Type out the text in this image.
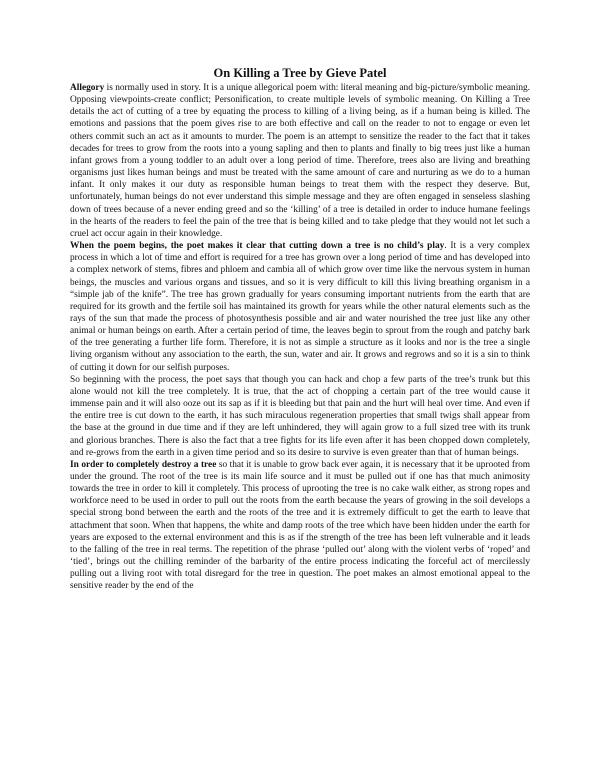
On Killing a Tree by Gieve Patel

Allegory is normally used in story. It is a unique allegorical poem with: literal meaning and big-picture/symbolic meaning. Opposing viewpoints-create conflict; Personification, to create multiple levels of symbolic meaning. On Killing a Tree details the act of cutting of a tree by equating the process to killing of a living being, as if a human being is killed. The emotions and passions that the poem gives rise to are both effective and call on the reader to not to engage or even let others commit such an act as it amounts to murder. The poem is an attempt to sensitize the reader to the fact that it takes decades for trees to grow from the roots into a young sapling and then to plants and finally to big trees just like a human infant grows from a young toddler to an adult over a long period of time. Therefore, trees also are living and breathing organisms just likes human beings and must be treated with the same amount of care and nurturing as we do to a human infant. It only makes it our duty as responsible human beings to treat them with the respect they deserve. But, unfortunately, human beings do not ever understand this simple message and they are often engaged in senseless slashing down of trees because of a never ending greed and so the ‘killing’ of a tree is detailed in order to induce humane feelings in the hearts of the readers to feel the pain of the tree that is being killed and to take pledge that they would not let such a cruel act occur again in their knowledge.

When the poem begins, the poet makes it clear that cutting down a tree is no child’s play. It is a very complex process in which a lot of time and effort is required for a tree has grown over a long period of time and has developed into a complex network of stems, fibres and phloem and cambia all of which grow over time like the nervous system in human beings, the muscles and various organs and tissues, and so it is very difficult to kill this living breathing organism in a “simple jab of the knife”. The tree has grown gradually for years consuming important nutrients from the earth that are required for its growth and the fertile soil has maintained its growth for years while the other natural elements such as the rays of the sun that made the process of photosynthesis possible and air and water nourished the tree just like any other animal or human beings on earth. After a certain period of time, the leaves begin to sprout from the rough and patchy bark of the tree generating a further life form. Therefore, it is not as simple a structure as it looks and nor is the tree a single living organism without any association to the earth, the sun, water and air. It grows and regrows and so it is a sin to think of cutting it down for our selfish purposes.

So beginning with the process, the poet says that though you can hack and chop a few parts of the tree’s trunk but this alone would not kill the tree completely. It is true, that the act of chopping a certain part of the tree would cause it immense pain and it will also ooze out its sap as if it is bleeding but that pain and the hurt will heal over time. And even if the entire tree is cut down to the earth, it has such miraculous regeneration properties that small twigs shall appear from the base at the ground in due time and if they are left unhindered, they will again grow to a full sized tree with its trunk and glorious branches. There is also the fact that a tree fights for its life even after it has been chopped down completely, and re-grows from the earth in a given time period and so its desire to survive is even greater than that of human beings.

In order to completely destroy a tree so that it is unable to grow back ever again, it is necessary that it be uprooted from under the ground. The root of the tree is its main life source and it must be pulled out if one has that much animosity towards the tree in order to kill it completely. This process of uprooting the tree is no cake walk either, as strong ropes and workforce need to be used in order to pull out the roots from the earth because the years of growing in the soil develops a special strong bond between the earth and the roots of the tree and it is extremely difficult to get the earth to leave that attachment that soon. When that happens, the white and damp roots of the tree which have been hidden under the earth for years are exposed to the external environment and this is as if the strength of the tree has been left vulnerable and it leads to the falling of the tree in real terms. The repetition of the phrase ‘pulled out’ along with the violent verbs of ‘roped’ and ‘tied’, brings out the chilling reminder of the barbarity of the entire process indicating the forceful act of mercilessly pulling out a living root with total disregard for the tree in question. The poet makes an almost emotional appeal to the sensitive reader by the end of the
